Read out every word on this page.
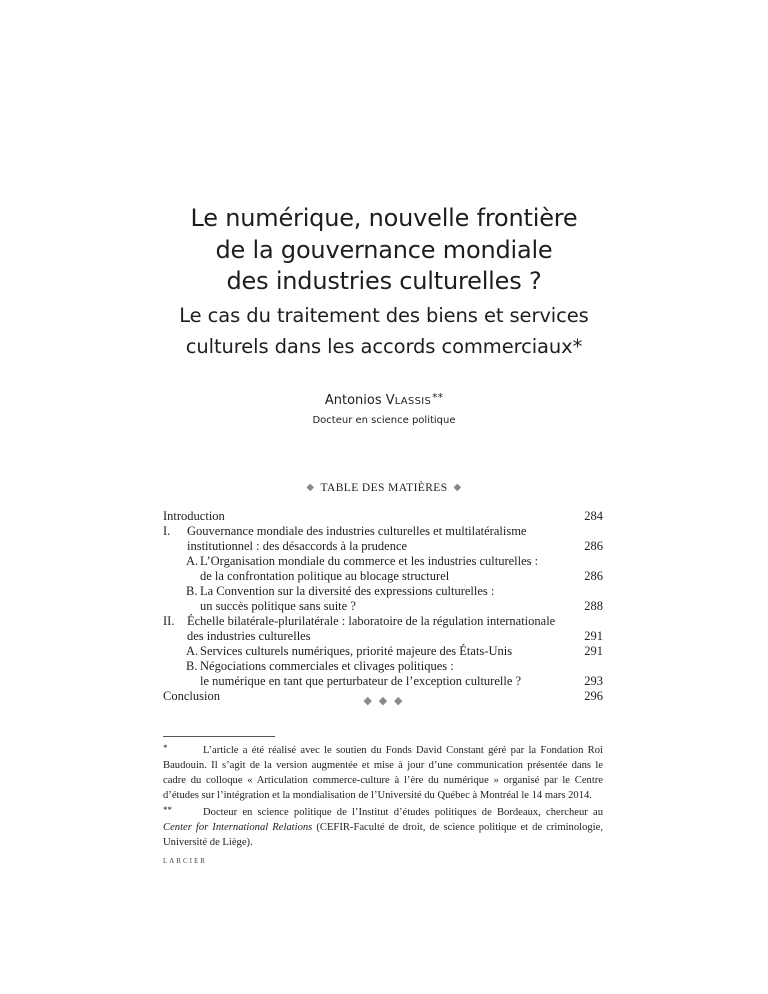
Le numérique, nouvelle frontière
de la gouvernance mondiale
des industries culturelles ?
Le cas du traitement des biens et services
culturels dans les accords commerciaux*
Antonios VLASSIS**
Docteur en science politique
◆ TABLE DES MATIÈRES ◆
Introduction	284
I. Gouvernance mondiale des industries culturelles et multilatéralisme
institutionnel : des désaccords à la prudence	286
A. L’Organisation mondiale du commerce et les industries culturelles :
de la confrontation politique au blocage structurel	286
B. La Convention sur la diversité des expressions culturelles :
un succès politique sans suite ?	288
II. Échelle bilatérale-plurilatérale : laboratoire de la régulation internationale
des industries culturelles	291
A. Services culturels numériques, priorité majeure des États-Unis	291
B. Négociations commerciales et clivages politiques :
le numérique en tant que perturbateur de l’exception culturelle ?	293
Conclusion	296
◆ ◆ ◆
*	L’article a été réalisé avec le soutien du Fonds David Constant géré par la Fondation Roi Baudouin. Il s’agit de la version augmentée et mise à jour d’une communication présentée dans le cadre du colloque « Articulation commerce-culture à l’ère du numérique » organisé par le Centre d’études sur l’intégration et la mondialisation de l’Université du Québec à Montréal le 14 mars 2014.
**	Docteur en science politique de l’Institut d’études politiques de Bordeaux, chercheur au Center for International Relations (CEFIR-Faculté de droit, de science politique et de criminologie, Université de Liège).
LARCIER
